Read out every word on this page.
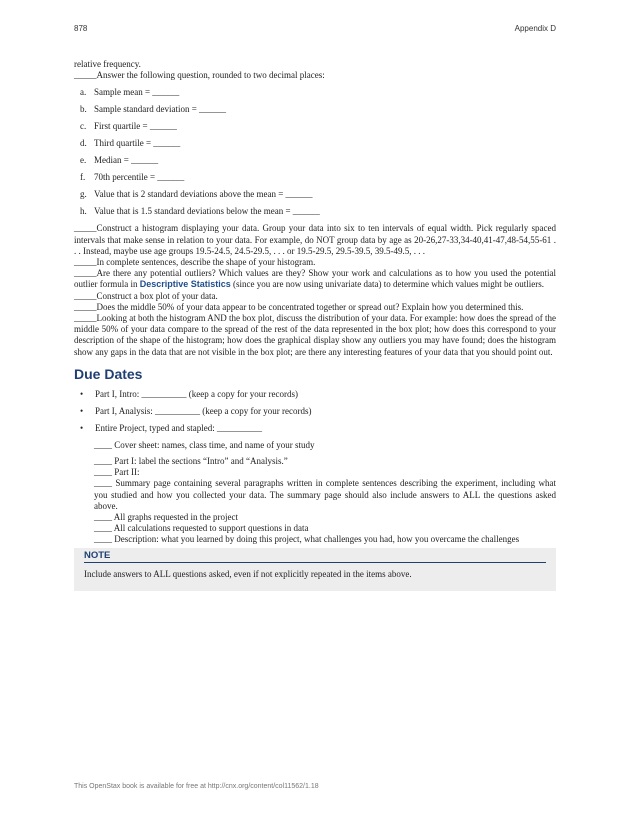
878	Appendix D

relative frequency.

_____Answer the following question, rounded to two decimal places:

a. Sample mean = ______
b. Sample standard deviation = ______
c. First quartile = ______
d. Third quartile = ______
e. Median = ______
f. 70th percentile = ______
g. Value that is 2 standard deviations above the mean = ______
h. Value that is 1.5 standard deviations below the mean = ______

_____Construct a histogram displaying your data. Group your data into six to ten intervals of equal width. Pick regularly spaced intervals that make sense in relation to your data. For example, do NOT group data by age as 20-26,27-33,34-40,41-47,48-54,55-61 . . . Instead, maybe use age groups 19.5-24.5, 24.5-29.5, . . . or 19.5-29.5, 29.5-39.5, 39.5-49.5, . . .

_____In complete sentences, describe the shape of your histogram.

_____Are there any potential outliers? Which values are they? Show your work and calculations as to how you used the potential outlier formula in Descriptive Statistics (since you are now using univariate data) to determine which values might be outliers.

_____Construct a box plot of your data.

_____Does the middle 50% of your data appear to be concentrated together or spread out? Explain how you determined this.

_____Looking at both the histogram AND the box plot, discuss the distribution of your data. For example: how does the spread of the middle 50% of your data compare to the spread of the rest of the data represented in the box plot; how does this correspond to your description of the shape of the histogram; how does the graphical display show any outliers you may have found; does the histogram show any gaps in the data that are not visible in the box plot; are there any interesting features of your data that you should point out.

Due Dates
•	Part I, Intro: __________ (keep a copy for your records)
•	Part I, Analysis: __________ (keep a copy for your records)
•	Entire Project, typed and stapled: __________

____ Cover sheet: names, class time, and name of your study

____ Part I: label the sections “Intro” and “Analysis.”

____ Part II:

____ Summary page containing several paragraphs written in complete sentences describing the experiment, including what you studied and how you collected your data. The summary page should also include answers to ALL the questions asked above.

____ All graphs requested in the project

____ All calculations requested to support questions in data

____ Description: what you learned by doing this project, what challenges you had, how you overcame the challenges

NOTE

Include answers to ALL questions asked, even if not explicitly repeated in the items above.

This OpenStax book is available for free at http://cnx.org/content/col11562/1.18
